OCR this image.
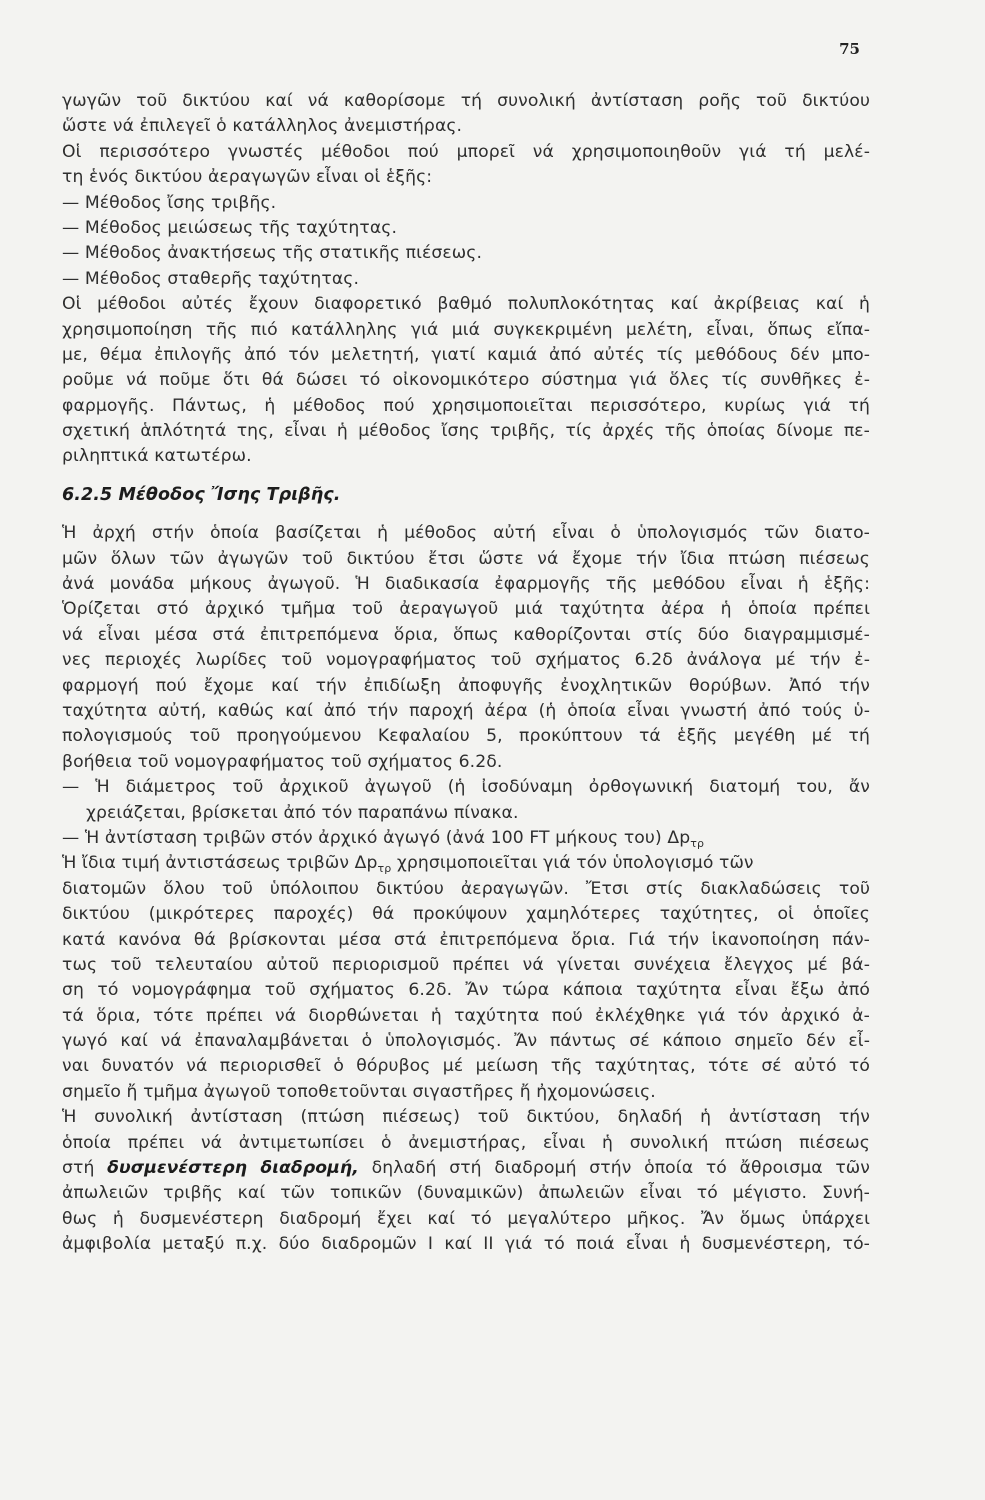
75
γωγῶν τοῦ δικτύου καί νά καθορίσομε τή συνολική ἀντίσταση ροῆς τοῦ δικτύου
ὥστε νά ἐπιλεγεῖ ὁ κατάλληλος ἀνεμιστήρας.
Οἱ περισσότερο γνωστές μέθοδοι πού μπορεῖ νά χρησιμοποιηθοῦν γιά τή μελέ-
τη ἑνός δικτύου ἀεραγωγῶν εἶναι οἱ ἑξῆς:
— Μέθοδος ἴσης τριβῆς.
— Μέθοδος μειώσεως τῆς ταχύτητας.
— Μέθοδος ἀνακτήσεως τῆς στατικῆς πιέσεως.
— Μέθοδος σταθερῆς ταχύτητας.
Οἱ μέθοδοι αὐτές ἔχουν διαφορετικό βαθμό πολυπλοκότητας καί ἀκρίβειας καί ἡ
χρησιμοποίηση τῆς πιό κατάλληλης γιά μιά συγκεκριμένη μελέτη, εἶναι, ὅπως εἴπα-
με, θέμα ἐπιλογῆς ἀπό τόν μελετητή, γιατί καμιά ἀπό αὐτές τίς μεθόδους δέν μπο-
ροῦμε νά ποῦμε ὅτι θά δώσει τό οἰκονομικότερο σύστημα γιά ὅλες τίς συνθῆκες ἐ-
φαρμογῆς. Πάντως, ἡ μέθοδος πού χρησιμοποιεῖται περισσότερο, κυρίως γιά τή
σχετική ἁπλότητά της, εἶναι ἡ μέθοδος ἴσης τριβῆς, τίς ἀρχές τῆς ὁποίας δίνομε πε-
ριληπτικά κατωτέρω.
6.2.5 Μέθοδος Ἴσης Τριβῆς.
Ἡ ἀρχή στήν ὁποία βασίζεται ἡ μέθοδος αὐτή εἶναι ὁ ὑπολογισμός τῶν διατο-
μῶν ὅλων τῶν ἀγωγῶν τοῦ δικτύου ἔτσι ὥστε νά ἔχομε τήν ἴδια πτώση πιέσεως
ἀνά μονάδα μήκους ἀγωγοῦ. Ἡ διαδικασία ἐφαρμογῆς τῆς μεθόδου εἶναι ἡ ἑξῆς:
Ὁρίζεται στό ἀρχικό τμῆμα τοῦ ἀεραγωγοῦ μιά ταχύτητα ἀέρα ἡ ὁποία πρέπει
νά εἶναι μέσα στά ἐπιτρεπόμενα ὅρια, ὅπως καθορίζονται στίς δύο διαγραμμισμέ-
νες περιοχές λωρίδες τοῦ νομογραφήματος τοῦ σχήματος 6.2δ ἀνάλογα μέ τήν ἐ-
φαρμογή πού ἔχομε καί τήν ἐπιδίωξη ἀποφυγῆς ἐνοχλητικῶν θορύβων. Ἀπό τήν
ταχύτητα αὐτή, καθώς καί ἀπό τήν παροχή ἀέρα (ἡ ὁποία εἶναι γνωστή ἀπό τούς ὑ-
πολογισμούς τοῦ προηγούμενου Κεφαλαίου 5, προκύπτουν τά ἑξῆς μεγέθη μέ τή
βοήθεια τοῦ νομογραφήματος τοῦ σχήματος 6.2δ.
— Ἡ διάμετρος τοῦ ἀρχικοῦ ἀγωγοῦ (ἡ ἰσοδύναμη ὀρθογωνική διατομή του, ἄν
χρειάζεται, βρίσκεται ἀπό τόν παραπάνω πίνακα.
— Ἡ ἀντίσταση τριβῶν στόν ἀρχικό ἀγωγό (ἀνά 100 FT μήκους του) $\Delta p_{\tau\rho}$
Ἡ ἴδια τιμή ἀντιστάσεως τριβῶν $\Delta p_{\tau\rho}$ χρησιμοποιεῖται γιά τόν ὑπολογισμό τῶν
διατομῶν ὅλου τοῦ ὑπόλοιπου δικτύου ἀεραγωγῶν. Ἔτσι στίς διακλαδώσεις τοῦ
δικτύου (μικρότερες παροχές) θά προκύψουν χαμηλότερες ταχύτητες, οἱ ὁποῖες
κατά κανόνα θά βρίσκονται μέσα στά ἐπιτρεπόμενα ὅρια. Γιά τήν ἱκανοποίηση πάν-
τως τοῦ τελευταίου αὐτοῦ περιορισμοῦ πρέπει νά γίνεται συνέχεια ἔλεγχος μέ βά-
ση τό νομογράφημα τοῦ σχήματος 6.2δ. Ἄν τώρα κάποια ταχύτητα εἶναι ἔξω ἀπό
τά ὅρια, τότε πρέπει νά διορθώνεται ἡ ταχύτητα πού ἐκλέχθηκε γιά τόν ἀρχικό ἀ-
γωγό καί νά ἐπαναλαμβάνεται ὁ ὑπολογισμός. Ἄν πάντως σέ κάποιο σημεῖο δέν εἶ-
ναι δυνατόν νά περιορισθεῖ ὁ θόρυβος μέ μείωση τῆς ταχύτητας, τότε σέ αὐτό τό
σημεῖο ἤ τμῆμα ἀγωγοῦ τοποθετοῦνται σιγαστῆρες ἤ ἠχομονώσεις.
Ἡ συνολική ἀντίσταση (πτώση πιέσεως) τοῦ δικτύου, δηλαδή ἡ ἀντίσταση τήν
ὁποία πρέπει νά ἀντιμετωπίσει ὁ ἀνεμιστήρας, εἶναι ἡ συνολική πτώση πιέσεως
στή δυσμενέστερη διαδρομή, δηλαδή στή διαδρομή στήν ὁποία τό ἄθροισμα τῶν
ἀπωλειῶν τριβῆς καί τῶν τοπικῶν (δυναμικῶν) ἀπωλειῶν εἶναι τό μέγιστο. Συνή-
θως ἡ δυσμενέστερη διαδρομή ἔχει καί τό μεγαλύτερο μῆκος. Ἄν ὅμως ὑπάρχει
ἀμφιβολία μεταξύ π.χ. δύο διαδρομῶν Ι καί ΙΙ γιά τό ποιά εἶναι ἡ δυσμενέστερη, τό-
